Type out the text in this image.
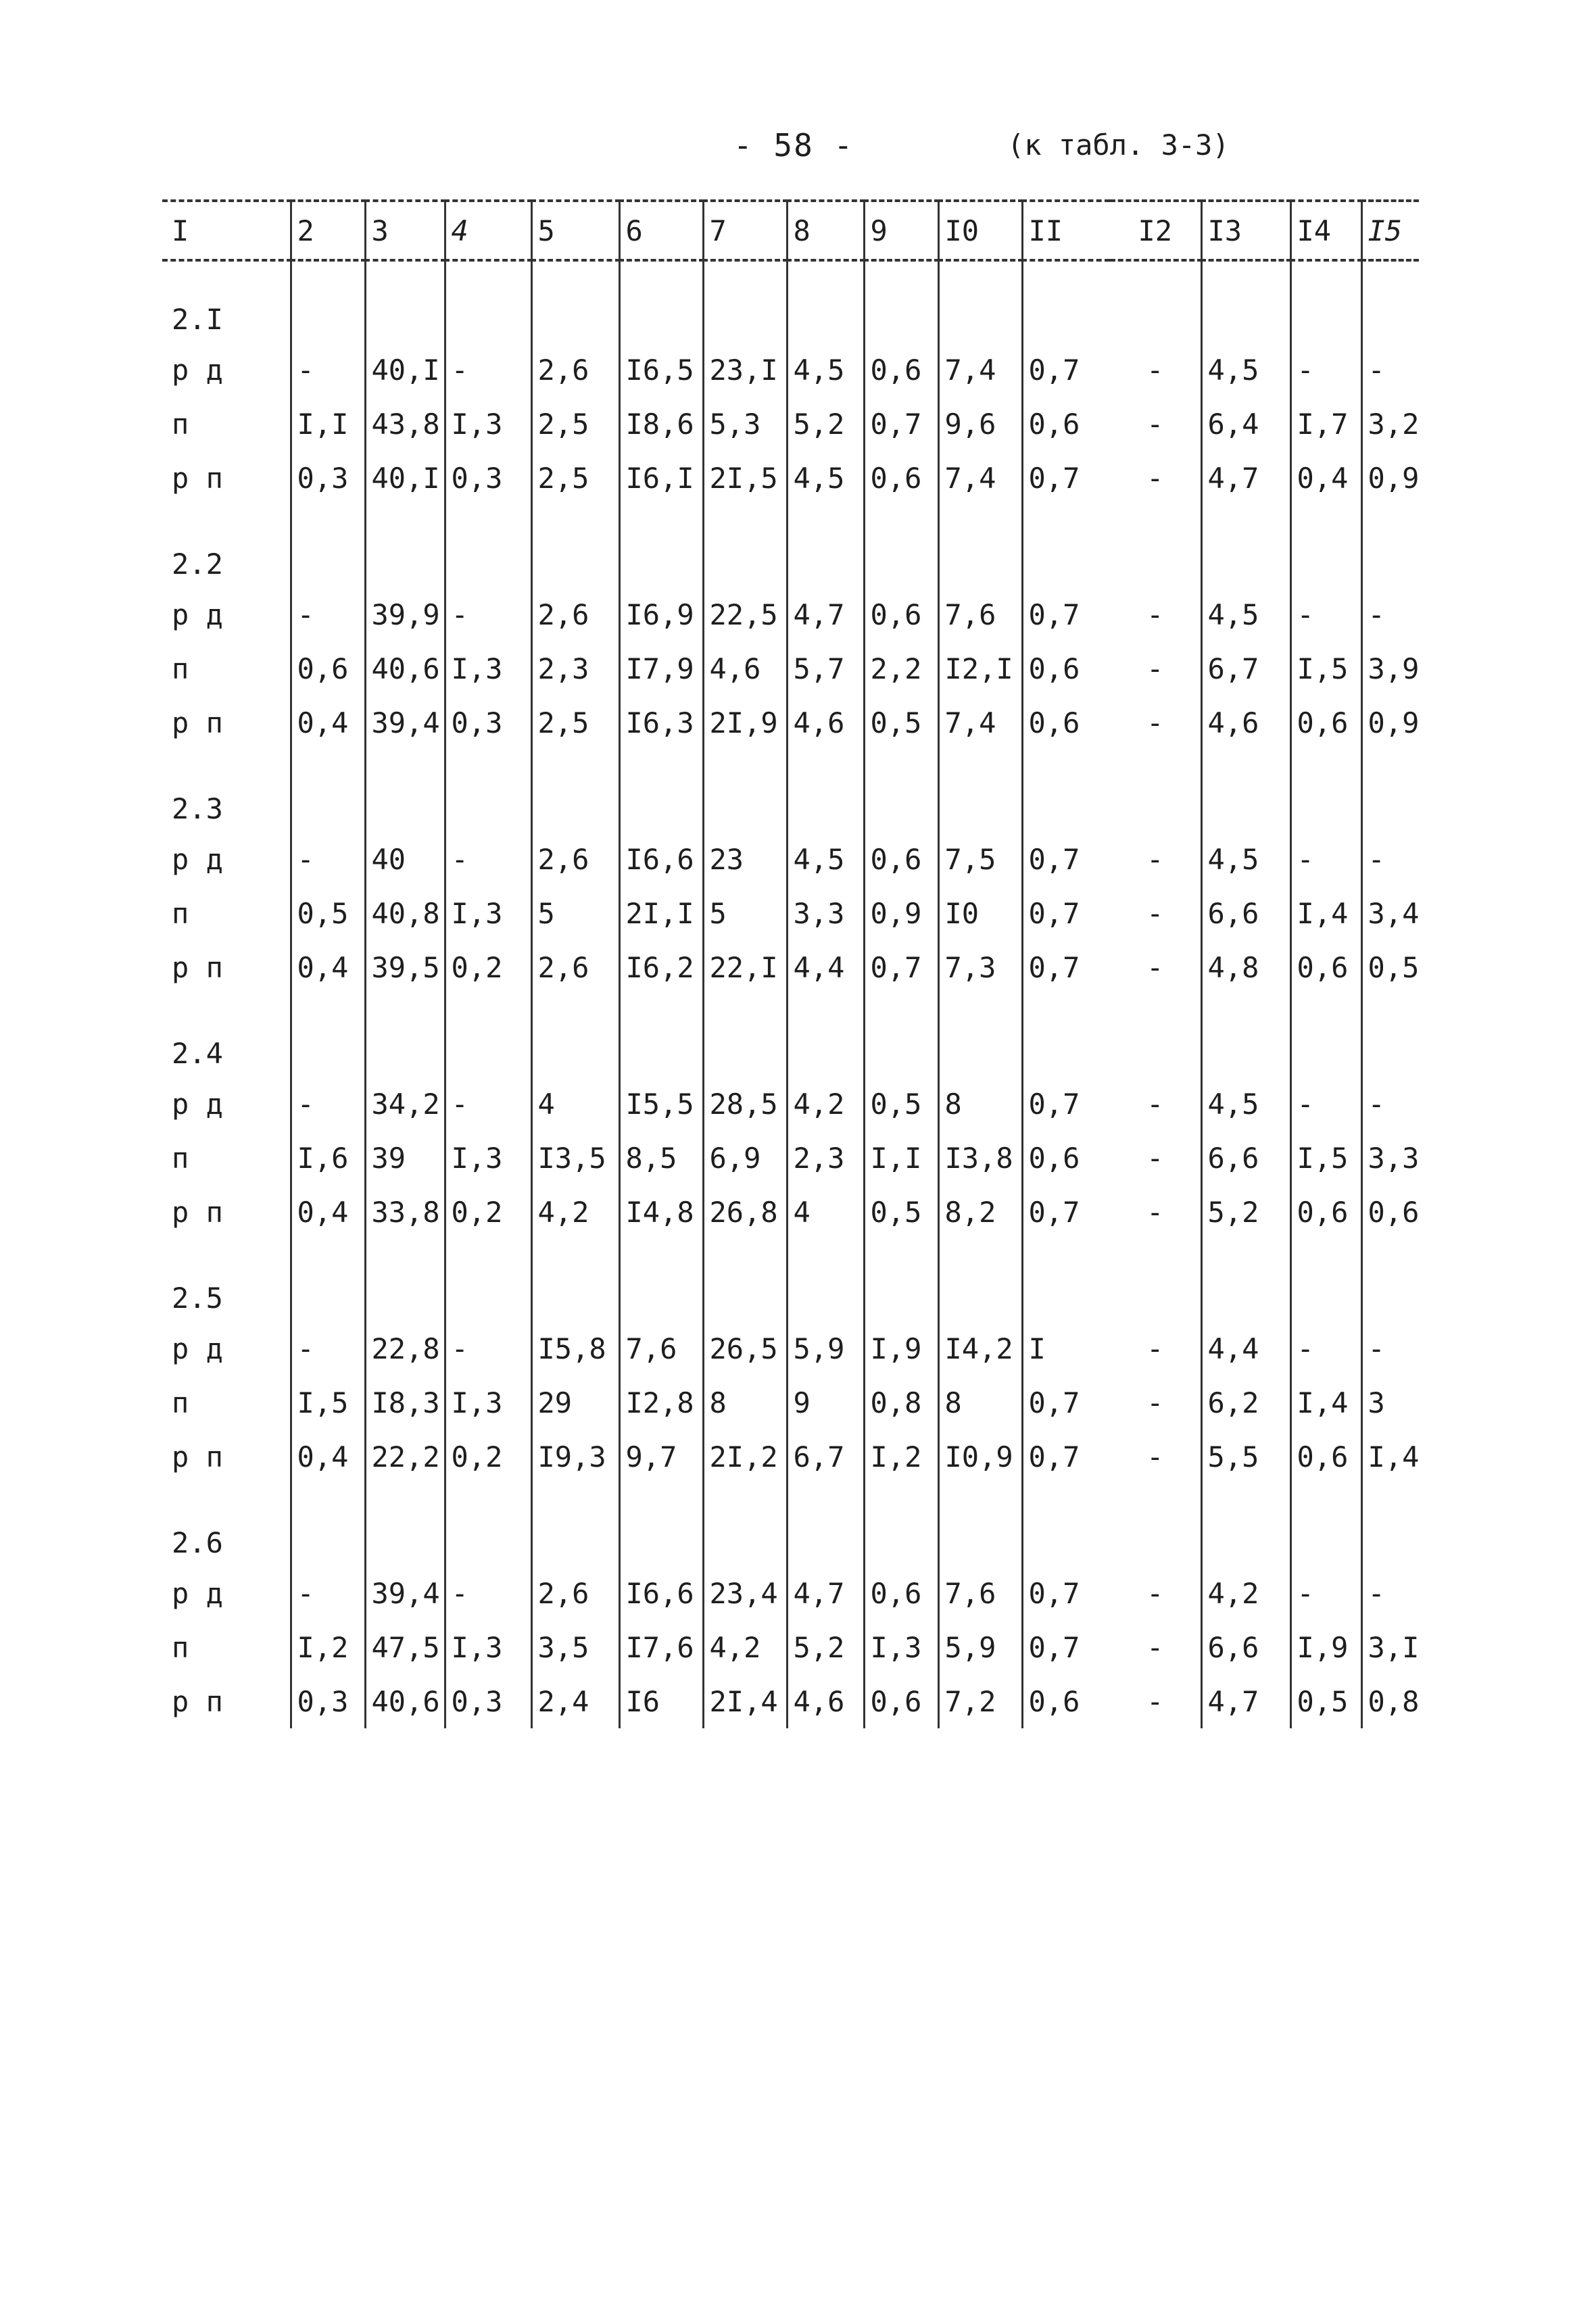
- 58 -	(к табл. 3-3)
I	2	3	4	5	6	7	8	9	I0	II	I2	I3	I4	I5
2.I														
р д	-	40,I	-	2,6	I6,5	23,I	4,5	0,6	7,4	0,7	-	4,5	-	-
п	I,I	43,8	I,3	2,5	I8,6	5,3	5,2	0,7	9,6	0,6	-	6,4	I,7	3,2
р п	0,3	40,I	0,3	2,5	I6,I	2I,5	4,5	0,6	7,4	0,7	-	4,7	0,4	0,9
2.2														
р д	-	39,9	-	2,6	I6,9	22,5	4,7	0,6	7,6	0,7	-	4,5	-	-
п	0,6	40,6	I,3	2,3	I7,9	4,6	5,7	2,2	I2,I	0,6	-	6,7	I,5	3,9
р п	0,4	39,4	0,3	2,5	I6,3	2I,9	4,6	0,5	7,4	0,6	-	4,6	0,6	0,9
2.3														
р д	-	40	-	2,6	I6,6	23	4,5	0,6	7,5	0,7	-	4,5	-	-
п	0,5	40,8	I,3	5	2I,I	5	3,3	0,9	I0	0,7	-	6,6	I,4	3,4
р п	0,4	39,5	0,2	2,6	I6,2	22,I	4,4	0,7	7,3	0,7	-	4,8	0,6	0,5
2.4														
р д	-	34,2	-	4	I5,5	28,5	4,2	0,5	8	0,7	-	4,5	-	-
п	I,6	39	I,3	I3,5	8,5	6,9	2,3	I,I	I3,8	0,6	-	6,6	I,5	3,3
р п	0,4	33,8	0,2	4,2	I4,8	26,8	4	0,5	8,2	0,7	-	5,2	0,6	0,6
2.5														
р д	-	22,8	-	I5,8	7,6	26,5	5,9	I,9	I4,2	I	-	4,4	-	-
п	I,5	I8,3	I,3	29	I2,8	8	9	0,8	8	0,7	-	6,2	I,4	3
р п	0,4	22,2	0,2	I9,3	9,7	2I,2	6,7	I,2	I0,9	0,7	-	5,5	0,6	I,4
2.6														
р д	-	39,4	-	2,6	I6,6	23,4	4,7	0,6	7,6	0,7	-	4,2	-	-
п	I,2	47,5	I,3	3,5	I7,6	4,2	5,2	I,3	5,9	0,7	-	6,6	I,9	3,I
р п	0,3	40,6	0,3	2,4	I6	2I,4	4,6	0,6	7,2	0,6	-	4,7	0,5	0,8
